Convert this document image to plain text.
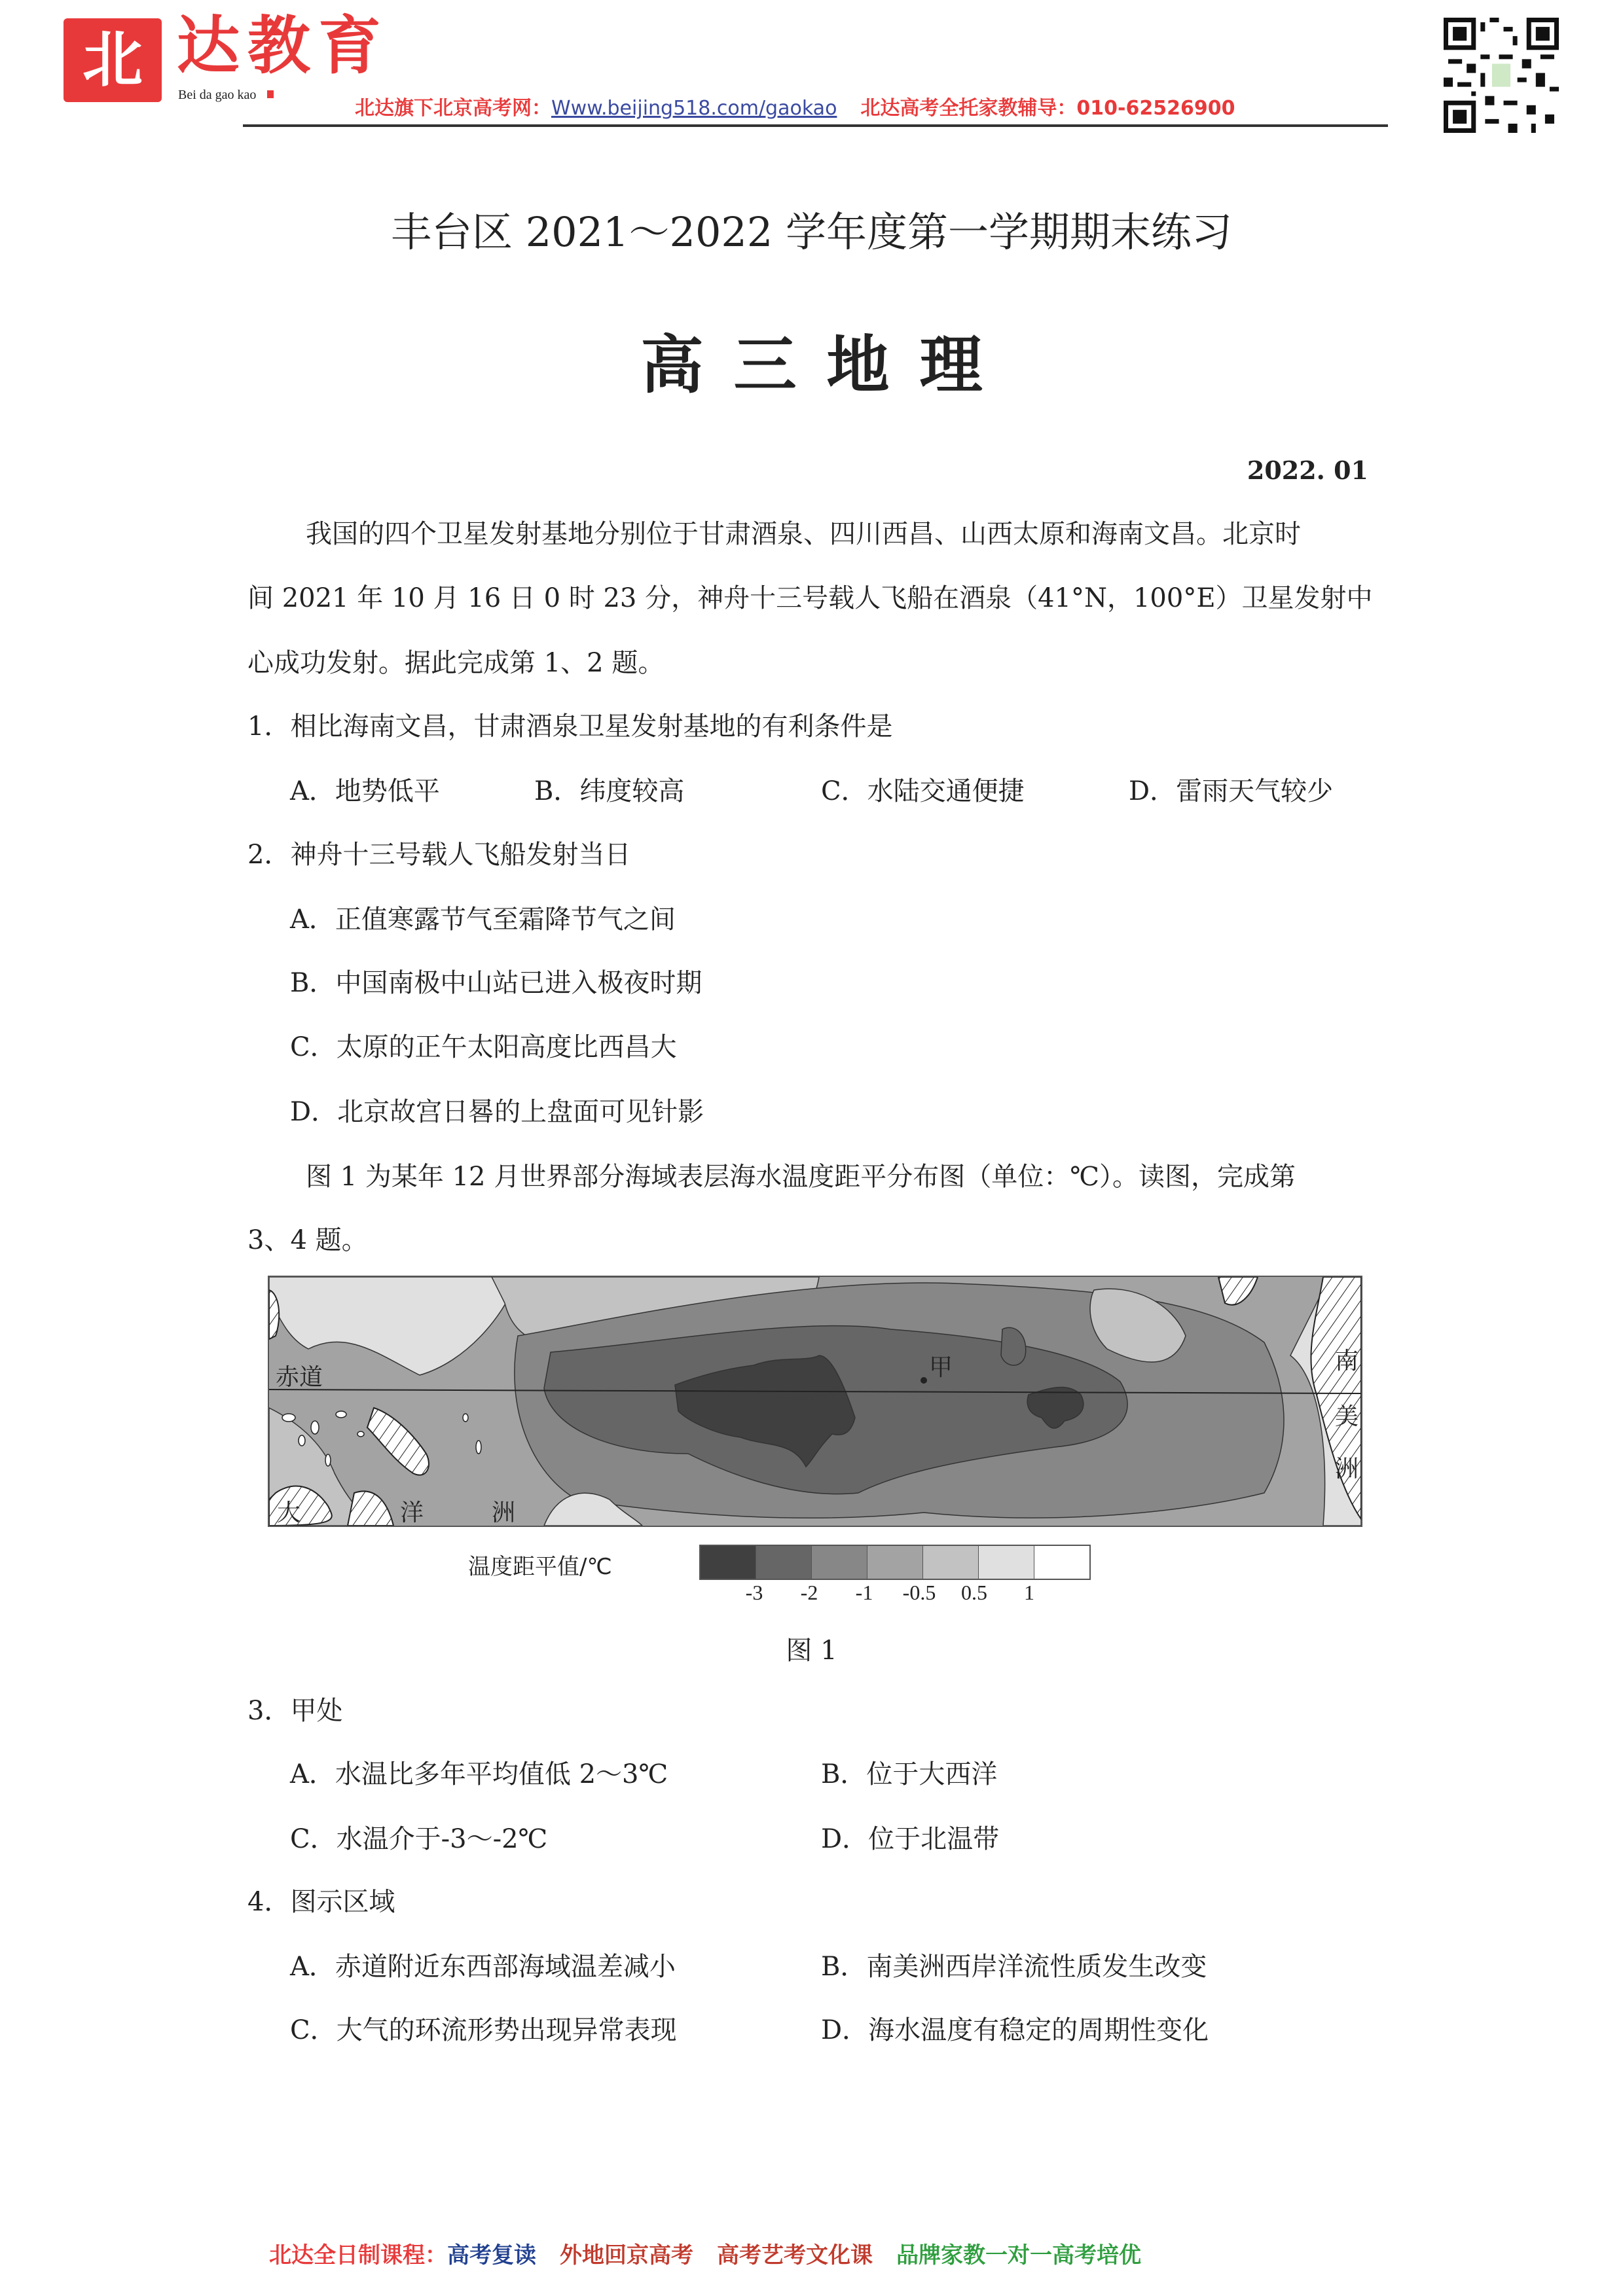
北 达教育
Bei da gao kao
北达旗下北京高考网：Www.beijing518.com/gaokao 北达高考全托家教辅导：010-62526900
丰台区 2021～2022 学年度第一学期期末练习
高三地理
2022. 01
我国的四个卫星发射基地分别位于甘肃酒泉、四川西昌、山西太原和海南文昌。北京时
间 2021 年 10 月 16 日 0 时 23 分，神舟十三号载人飞船在酒泉（41°N，100°E）卫星发射中
心成功发射。据此完成第 1、2 题。
1．相比海南文昌，甘肃酒泉卫星发射基地的有利条件是
A．地势低平	B．纬度较高	C．水陆交通便捷	D．雷雨天气较少
2．神舟十三号载人飞船发射当日
A．正值寒露节气至霜降节气之间
B．中国南极中山站已进入极夜时期
C．太原的正午太阳高度比西昌大
D．北京故宫日晷的上盘面可见针影
图 1 为某年 12 月世界部分海域表层海水温度距平分布图（单位：℃）。读图，完成第
3、4 题。
赤道	甲
大	洋	洲
南
美
洲
温度距平值/℃
-3 -2 -1 -0.5 0.5 1
图 1
3．甲处
A．水温比多年平均值低 2～3℃	B．位于大西洋
C．水温介于-3～-2℃	D．位于北温带
4．图示区域
A．赤道附近东西部海域温差减小	B．南美洲西岸洋流性质发生改变
C．大气的环流形势出现异常表现	D．海水温度有稳定的周期性变化
北达全日制课程：高考复读 外地回京高考 高考艺考文化课 品牌家教一对一高考培优
